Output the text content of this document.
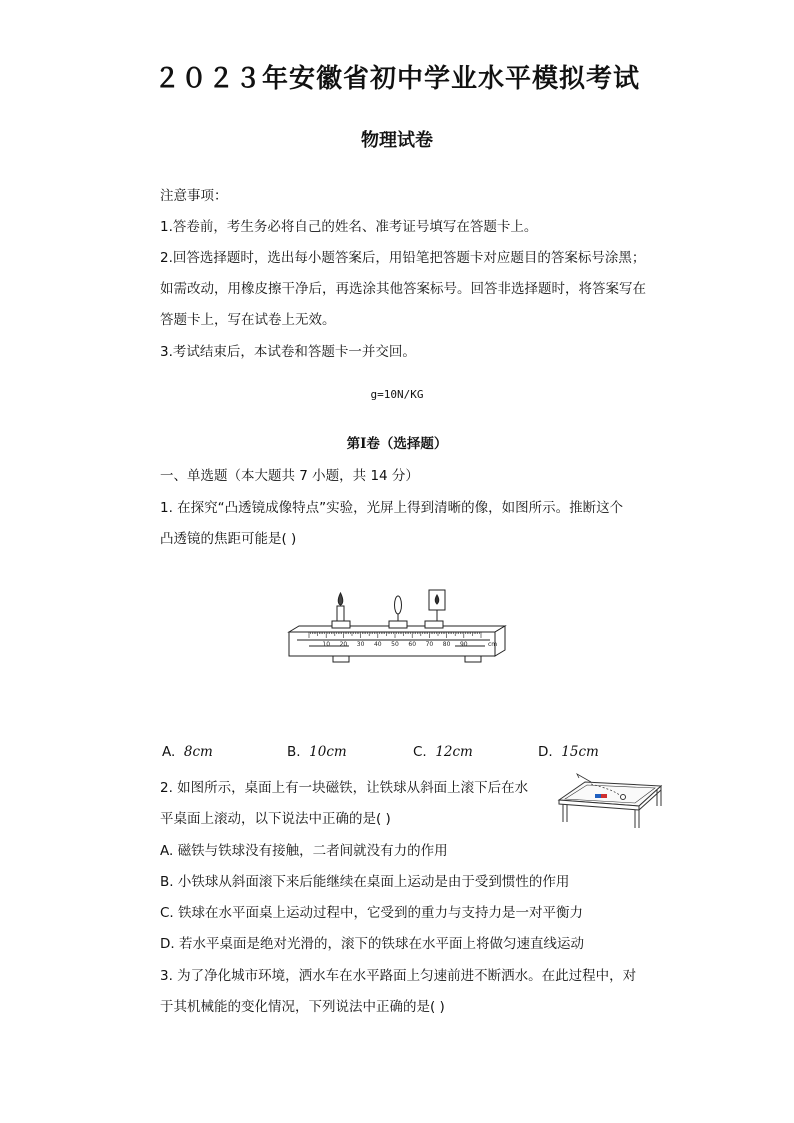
２０２３年安徽省初中学业水平模拟考试
物理试卷
注意事项：
1.答卷前，考生务必将自己的姓名、准考证号填写在答题卡上。
2.回答选择题时，选出每小题答案后，用铅笔把答题卡对应题目的答案标号涂黑；
如需改动，用橡皮擦干净后，再选涂其他答案标号。回答非选择题时，将答案写在
答题卡上，写在试卷上无效。
3.考试结束后，本试卷和答题卡一并交回。
g=10N/KG
第Ⅰ卷（选择题）
一、单选题（本大题共 7 小题，共 14 分）
1. 在探究“凸透镜成像特点”实验，光屏上得到清晰的像，如图所示。推断这个
凸透镜的焦距可能是( )
10 20 30 40 50 60 70 80 90	cm
A. 8cm	B. 10cm	C. 12cm	D. 15cm
2. 如图所示，桌面上有一块磁铁，让铁球从斜面上滚下后在水
平桌面上滚动，以下说法中正确的是( )
A. 磁铁与铁球没有接触，二者间就没有力的作用
B. 小铁球从斜面滚下来后能继续在桌面上运动是由于受到惯性的作用
C. 铁球在水平面桌上运动过程中，它受到的重力与支持力是一对平衡力
D. 若水平桌面是绝对光滑的，滚下的铁球在水平面上将做匀速直线运动
3. 为了净化城市环境，洒水车在水平路面上匀速前进不断洒水。在此过程中，对
于其机械能的变化情况，下列说法中正确的是( )
